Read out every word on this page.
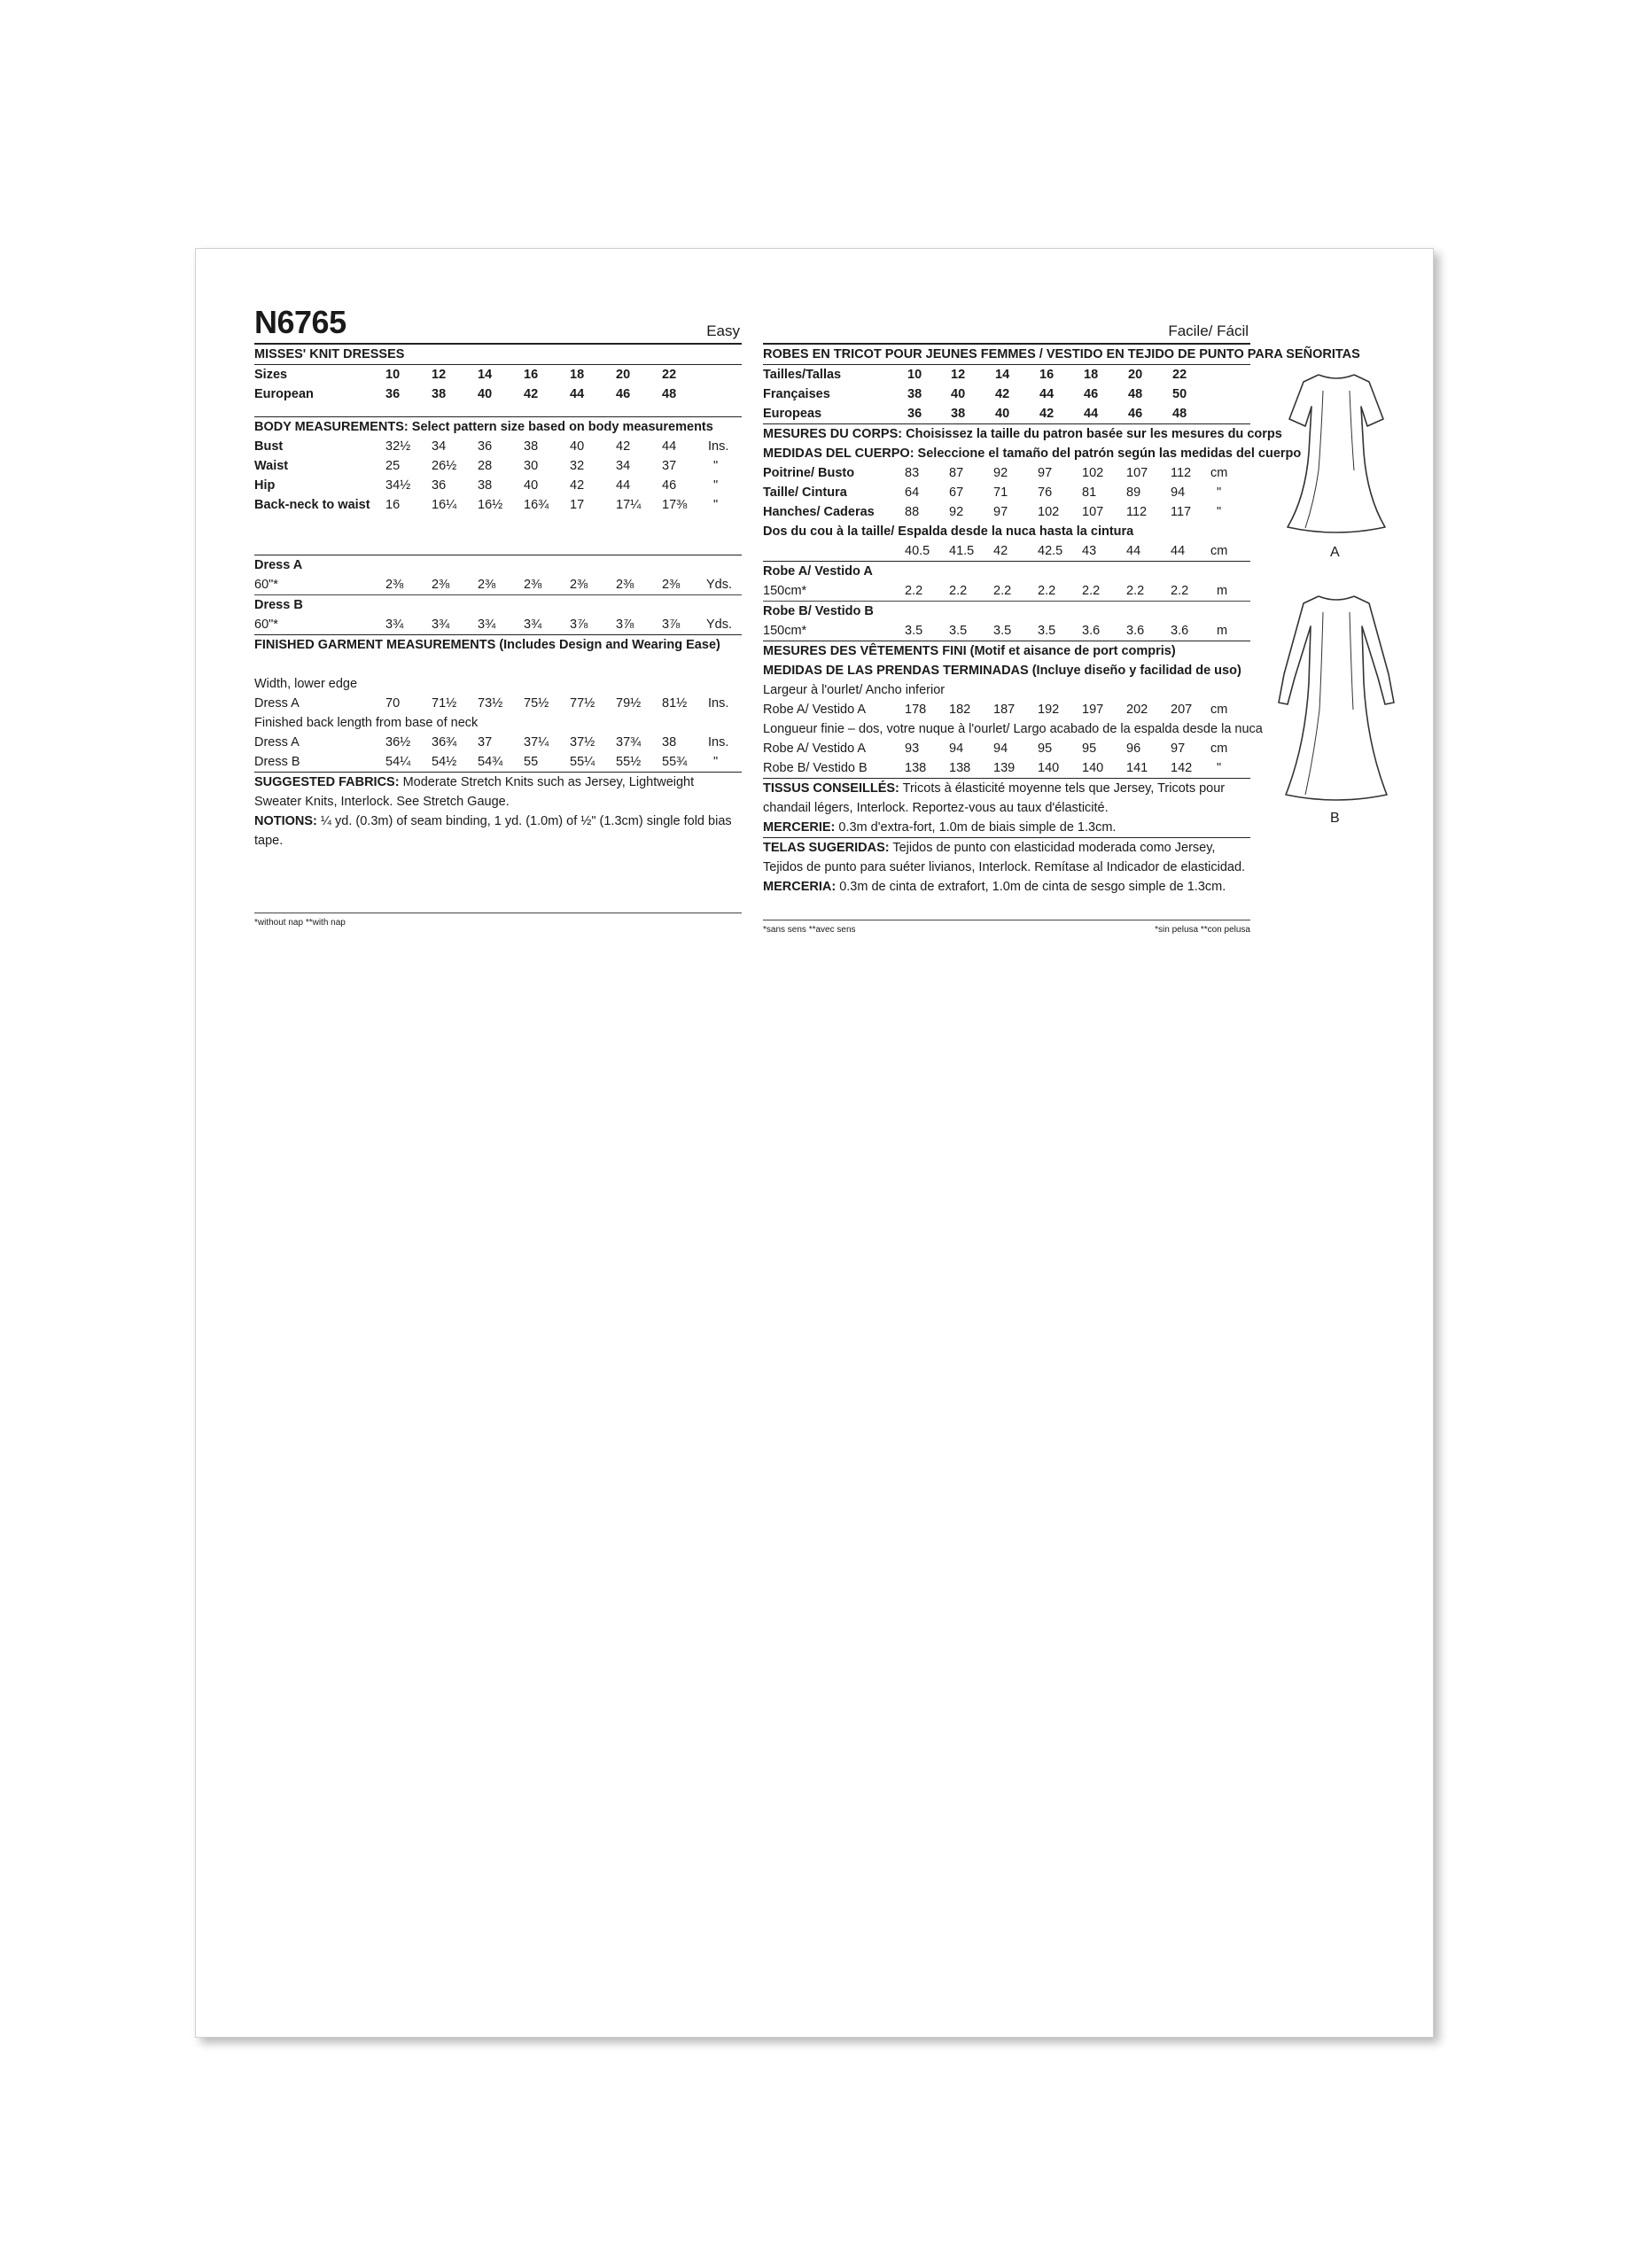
N6765	Easy
MISSES' KNIT DRESSES
Sizes	10 12 14 16 18 20 22
European	36 38 40 42 44 46 48
BODY MEASUREMENTS: Select pattern size based on body measurements
Bust	32½ 34 36 38 40 42 44 Ins.
Waist	25 26½ 28 30 32 34 37	"
Hip	34½ 36 38 40 42 44 46	"
Back-neck to waist 16 16¼ 16½ 16¾ 17 17¼ 17⅜ "
Dress A
60"*	2⅜ 2⅜ 2⅜ 2⅜ 2⅜ 2⅜ 2⅜ Yds.
Dress B
60"*	3¾ 3¾ 3¾ 3¾ 3⅞ 3⅞ 3⅞ Yds.
FINISHED GARMENT MEASUREMENTS (Includes Design and Wearing Ease)
Width, lower edge
Dress A	70 71½ 73½ 75½ 77½ 79½ 81½ Ins.
Finished back length from base of neck
Dress A	36½ 36¾ 37 37¼ 37½ 37¾ 38 Ins.
Dress B	54¼ 54½ 54¾ 55 55¼ 55½ 55¾ "
SUGGESTED FABRICS: Moderate Stretch Knits such as Jersey, Lightweight Sweater Knits, Interlock. See Stretch Gauge.
NOTIONS: ¼ yd. (0.3m) of seam binding, 1 yd. (1.0m) of ½" (1.3cm) single fold bias tape.
*without nap **with nap
Facile/ Fácil
ROBES EN TRICOT POUR JEUNES FEMMES / VESTIDO EN TEJIDO DE PUNTO PARA SEÑORITAS
Tailles/Tallas	10 12 14 16 18 20 22
Françaises	38 40 42 44 46 48 50
Europeas	36 38 40 42 44 46 48
MESURES DU CORPS: Choisissez la taille du patron basée sur les mesures du corps
MEDIDAS DEL CUERPO: Seleccione el tamaño del patrón según las medidas del cuerpo
Poitrine/ Busto	83 87 92 97 102 107 112 cm
Taille/ Cintura	64 67 71 76 81 89 94 "
Hanches/ Caderas 88 92 97 102 107 112 117 "
Dos du cou à la taille/ Espalda desde la nuca hasta la cintura
40.5 41.5 42 42.5 43 44 44 cm
Robe A/ Vestido A
150cm*	2.2 2.2 2.2 2.2 2.2 2.2 2.2 m
Robe B/ Vestido B
150cm*	3.5 3.5 3.5 3.5 3.6 3.6 3.6 m
MESURES DES VÊTEMENTS FINI (Motif et aisance de port compris)
MEDIDAS DE LAS PRENDAS TERMINADAS (Incluye diseño y facilidad de uso)
Largeur à l'ourlet/ Ancho inferior
Robe A/ Vestido A	178 182 187 192 197 202 207 cm
Longueur finie – dos, votre nuque à l'ourlet/ Largo acabado de la espalda desde la nuca
Robe A/ Vestido A	93 94 94 95 95 96 97 cm
Robe B/ Vestido B	138 138 139 140 140 141 142 "
TISSUS CONSEILLÉS: Tricots à élasticité moyenne tels que Jersey, Tricots pour chandail légers, Interlock. Reportez-vous au taux d'élasticité.
MERCERIE: 0.3m d'extra-fort, 1.0m de biais simple de 1.3cm.
TELAS SUGERIDAS: Tejidos de punto con elasticidad moderada como Jersey, Tejidos de punto para suéter livianos, Interlock. Remítase al Indicador de elasticidad.
MERCERIA: 0.3m de cinta de extrafort, 1.0m de cinta de sesgo simple de 1.3cm.
*sans sens **avec sens	*sin pelusa **con pelusa
A
B
